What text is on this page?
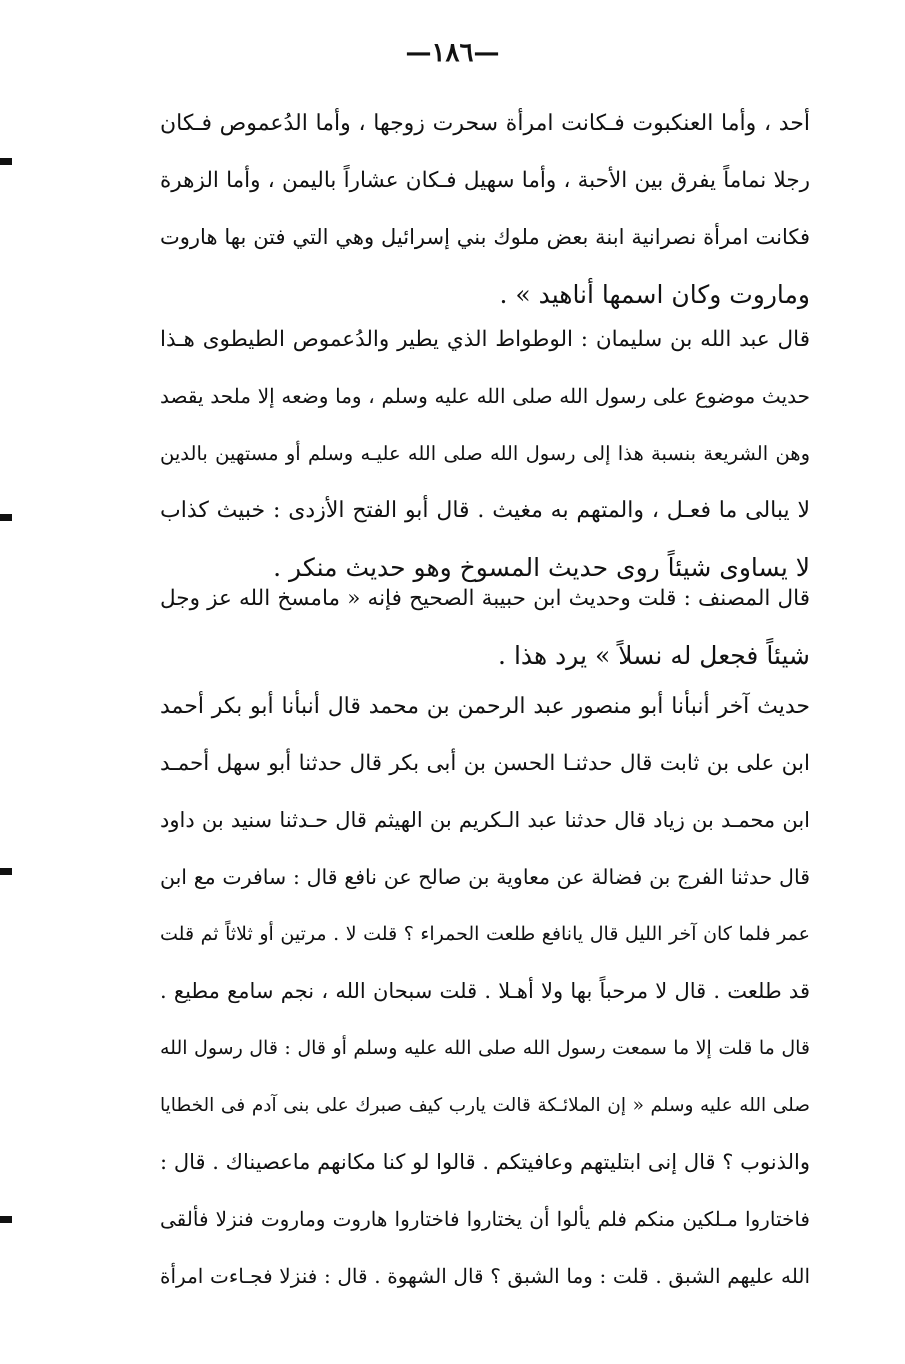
—١٨٦—
أحد ، وأما العنكبوت فـكانت امرأة سحرت زوجها ، وأما الدُعموص فـكان
رجلا نماماً يفرق بين الأحبة ، وأما سهيل فـكان عشاراً باليمن ، وأما الزهرة
فكانت امرأة نصرانية ابنة بعض ملوك بني إسرائيل وهي التي فتن بها هاروت
وماروت وكان اسمها أناهيد » .
قال عبد الله بن سليمان : الوطواط الذي يطير والدُعموص الطيطوى هـذا
حديث موضوع على رسول الله صلى الله عليه وسلم ، وما وضعه إلا ملحد يقصد
وهن الشريعة بنسبة هذا إلى رسول الله صلى الله عليـه وسلم أو مستهين بالدين
لا يبالى ما فعـل ، والمتهم به مغيث . قال أبو الفتح الأزدى : خبيث كذاب
لا يساوى شيئاً روى حديث المسوخ وهو حديث منكر .
قال المصنف : قلت وحديث ابن حبيبة الصحيح فإنه « مامسخ الله عز وجل
شيئاً فجعل له نسلاً » يرد هذا .
حديث آخر أنبأنا أبو منصور عبد الرحمن بن محمد قال أنبأنا أبو بكر أحمد
ابن على بن ثابت قال حدثنـا الحسن بن أبى بكر قال حدثنا أبو سهل أحمـد
ابن محمـد بن زياد قال حدثنا عبد الـكريم بن الهيثم قال حـدثنا سنيد بن داود
قال حدثنا الفرج بن فضالة عن معاوية بن صالح عن نافع قال : سافرت مع ابن
عمر فلما كان آخر الليل قال يانافع طلعت الحمراء ؟ قلت لا . مرتين أو ثلاثاً ثم قلت
قد طلعت . قال لا مرحباً بها ولا أهـلا . قلت سبحان الله ، نجم سامع مطيع .
قال ما قلت إلا ما سمعت رسول الله صلى الله عليه وسلم أو قال : قال رسول الله
صلى الله عليه وسلم « إن الملائـكة قالت يارب كيف صبرك على بنى آدم فى الخطايا
والذنوب ؟ قال إنى ابتليتهم وعافيتكم . قالوا لو كنا مكانهم ماعصيناك . قال :
فاختاروا مـلكين منكم فلم يألوا أن يختاروا فاختاروا هاروت وماروت فنزلا فألقى
الله عليهم الشبق . قلت : وما الشبق ؟ قال الشهوة . قال : فنزلا فجـاءت امرأة
